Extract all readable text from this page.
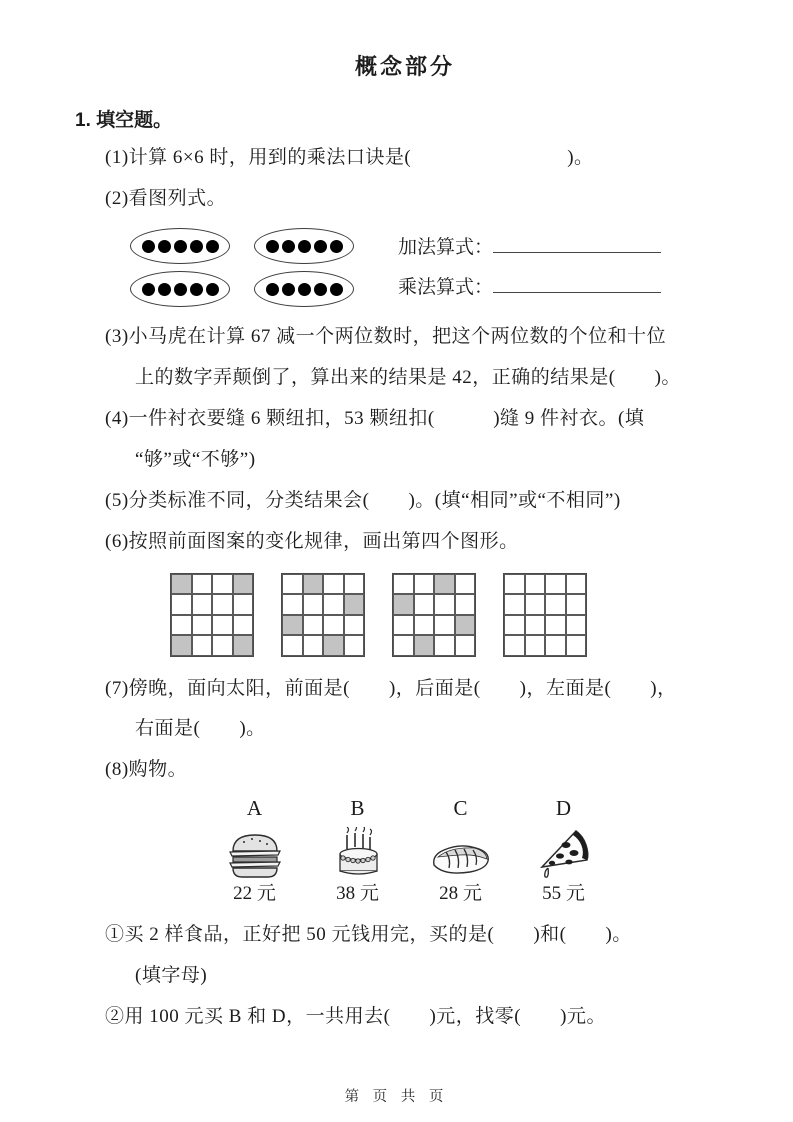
概念部分
1. 填空题。
(1)计算 6×6 时，用到的乘法口诀是(　　　　　　　　)。
(2)看图列式。
加法算式：
乘法算式：
(3)小马虎在计算 67 减一个两位数时，把这个两位数的个位和十位
上的数字弄颠倒了，算出来的结果是 42，正确的结果是(　　)。
(4)一件衬衣要缝 6 颗纽扣，53 颗纽扣(　　　)缝 9 件衬衣。(填
“够”或“不够”)
(5)分类标准不同，分类结果会(　　)。(填“相同”或“不相同”)
(6)按照前面图案的变化规律，画出第四个图形。
(7)傍晚，面向太阳，前面是(　　)，后面是(　　)，左面是(　　)，
右面是(　　)。
(8)购物。
A
22 元
B
38 元
C
28 元
D
55 元
①买 2 样食品，正好把 50 元钱用完，买的是(　　)和(　　)。
(填字母)
②用 100 元买 B 和 D，一共用去(　　)元，找零(　　)元。
第 页 共 页
